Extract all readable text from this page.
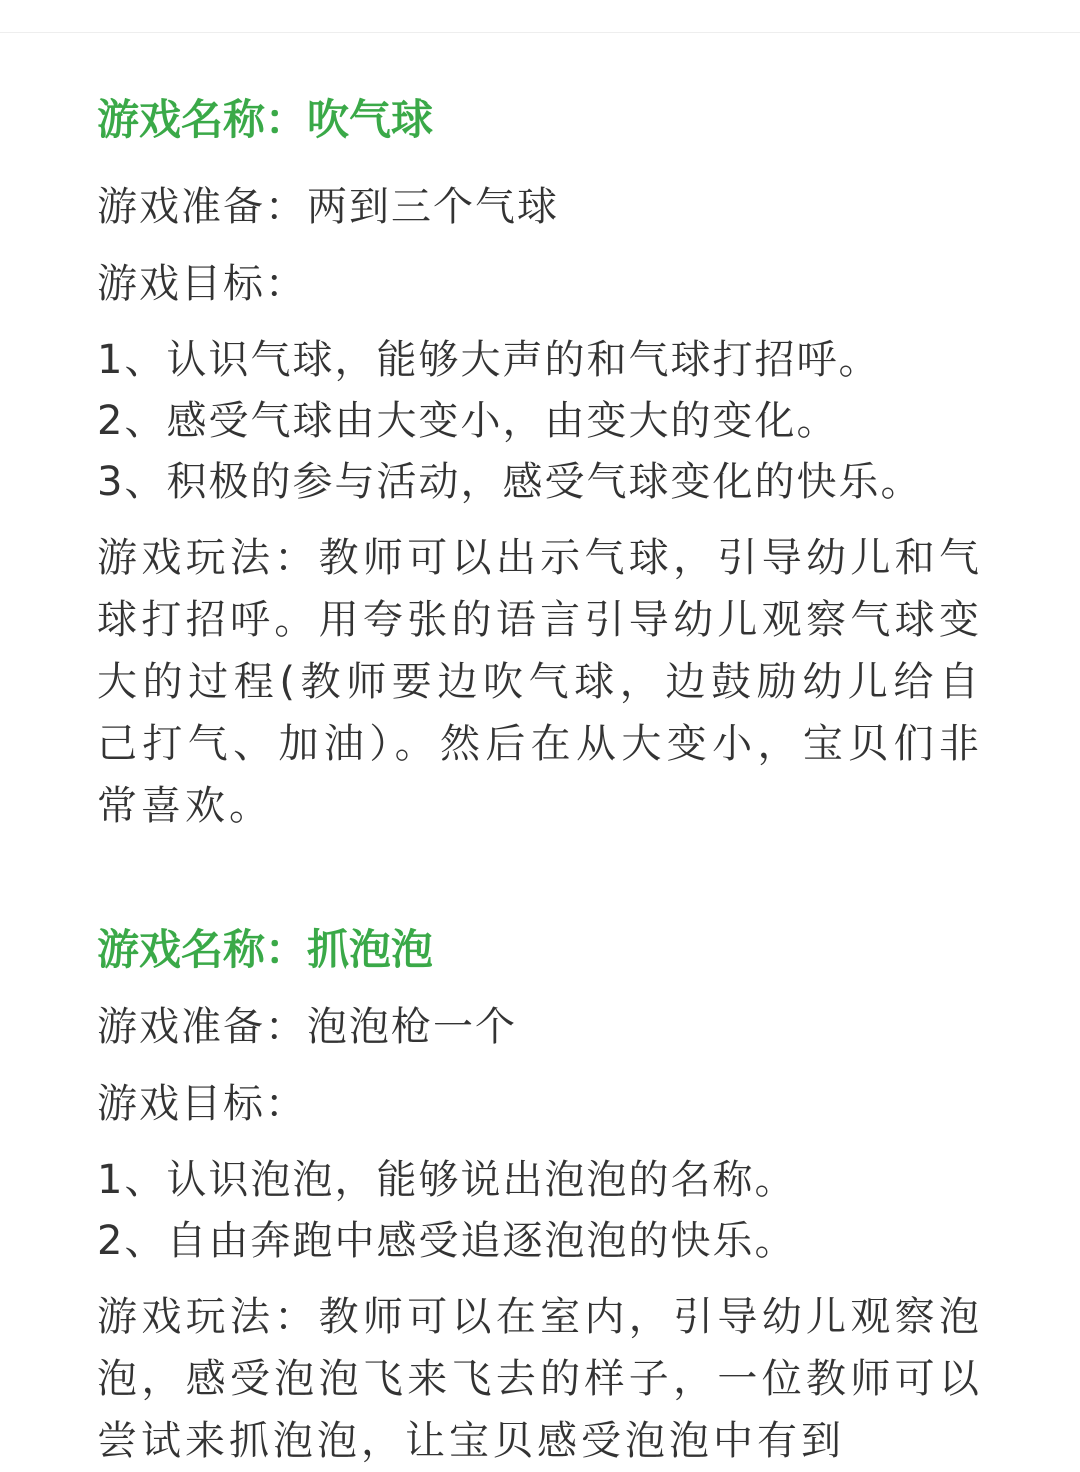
游戏名称：吹气球

游戏准备：两到三个气球

游戏目标：

1、认识气球，能够大声的和气球打招呼。

2、感受气球由大变小，由变大的变化。

3、积极的参与活动，感受气球变化的快乐。

游戏玩法：教师可以出示气球，引导幼儿和气球打招呼。用夸张的语言引导幼儿观察气球变大的过程(教师要边吹气球，边鼓励幼儿给自己打气、加油）。然后在从大变小，宝贝们非常喜欢。

游戏名称：抓泡泡

游戏准备：泡泡枪一个

游戏目标：

1、认识泡泡，能够说出泡泡的名称。

2、自由奔跑中感受追逐泡泡的快乐。

游戏玩法：教师可以在室内，引导幼儿观察泡泡，感受泡泡飞来飞去的样子，一位教师可以尝试来抓泡泡，让宝贝感受泡泡中有到
